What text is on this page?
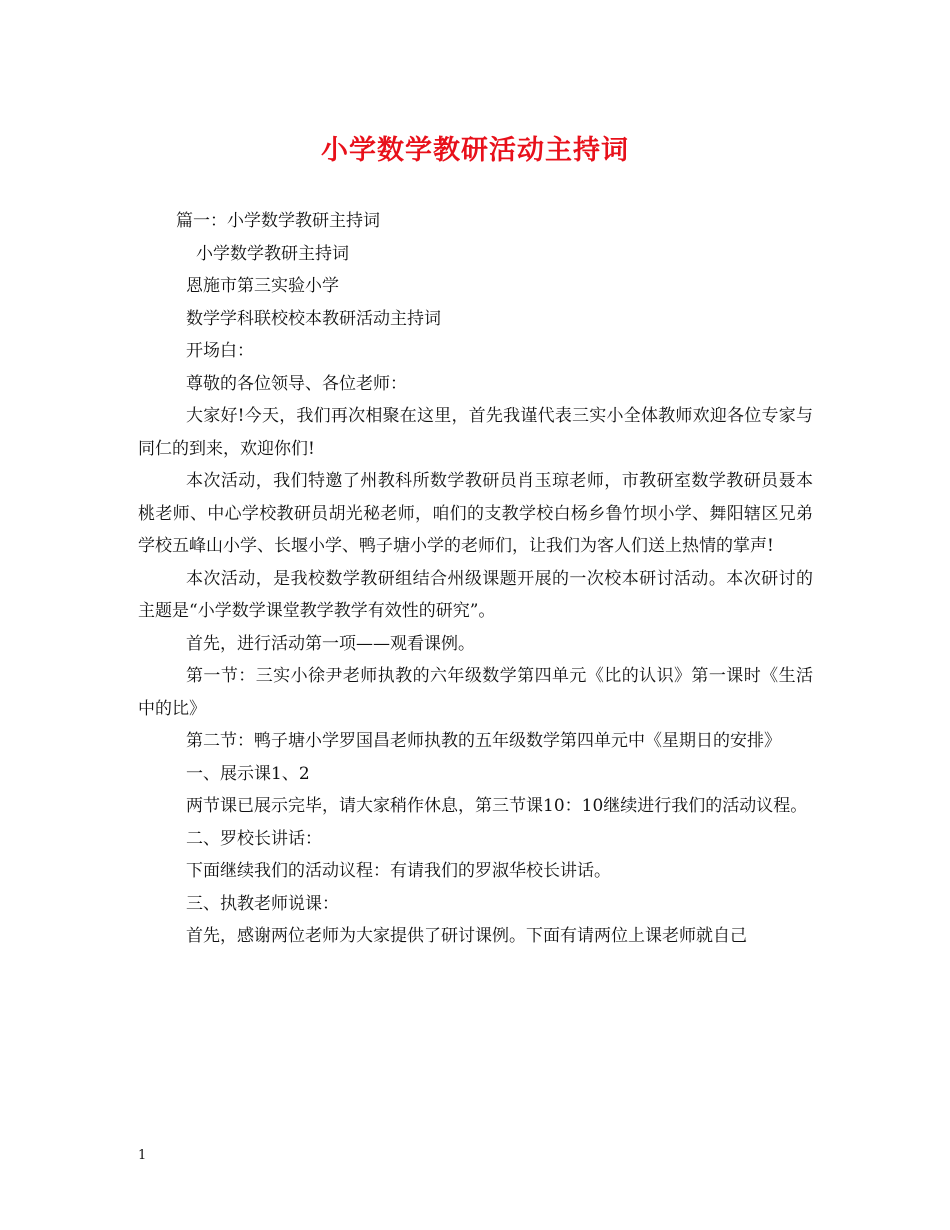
小学数学教研活动主持词

篇一：小学数学教研主持词

小学数学教研主持词

恩施市第三实验小学

数学学科联校校本教研活动主持词

开场白：

尊敬的各位领导、各位老师：

大家好!今天，我们再次相聚在这里，首先我谨代表三实小全体教师欢迎各位专家与同仁的到来，欢迎你们!

本次活动，我们特邀了州教科所数学教研员肖玉琼老师，市教研室数学教研员聂本桃老师、中心学校教研员胡光秘老师，咱们的支教学校白杨乡鲁竹坝小学、舞阳辖区兄弟学校五峰山小学、长堰小学、鸭子塘小学的老师们，让我们为客人们送上热情的掌声!

本次活动，是我校数学教研组结合州级课题开展的一次校本研讨活动。本次研讨的主题是“小学数学课堂教学教学有效性的研究”。

首先，进行活动第一项——观看课例。

第一节：三实小徐尹老师执教的六年级数学第四单元《比的认识》第一课时《生活中的比》

第二节：鸭子塘小学罗国昌老师执教的五年级数学第四单元中《星期日的安排》

一、展示课1、2

两节课已展示完毕，请大家稍作休息，第三节课10：10继续进行我们的活动议程。

二、罗校长讲话：

下面继续我们的活动议程：有请我们的罗淑华校长讲话。

三、执教老师说课：

首先，感谢两位老师为大家提供了研讨课例。下面有请两位上课老师就自己

1
